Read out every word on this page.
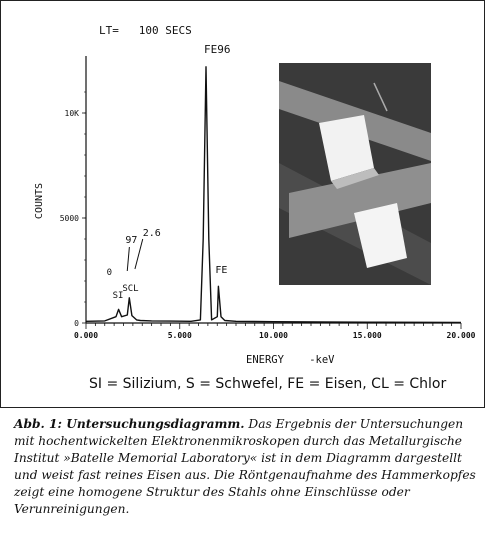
0.000	5.000	10.000	15.000	20.000
0
5000
10K
LT=   100 SECS
COUNTS
ENERGY    -keV
FE96
FE
SI
SCL
0
97
2.6
SI = Silizium, S = Schwefel, FE = Eisen, CL = Chlor
Abb. 1: Untersuchungsdiagramm. Das Ergebnis der Untersuchungen mit hochentwickelten Elektronenmikroskopen durch das Metallurgische Institut »Batelle Memorial Laboratory« ist in dem Diagramm dargestellt und weist fast reines Eisen aus. Die Röntgenaufnahme des Hammerkopfes zeigt eine homogene Struktur des Stahls ohne Einschlüsse oder Verunreinigungen.
